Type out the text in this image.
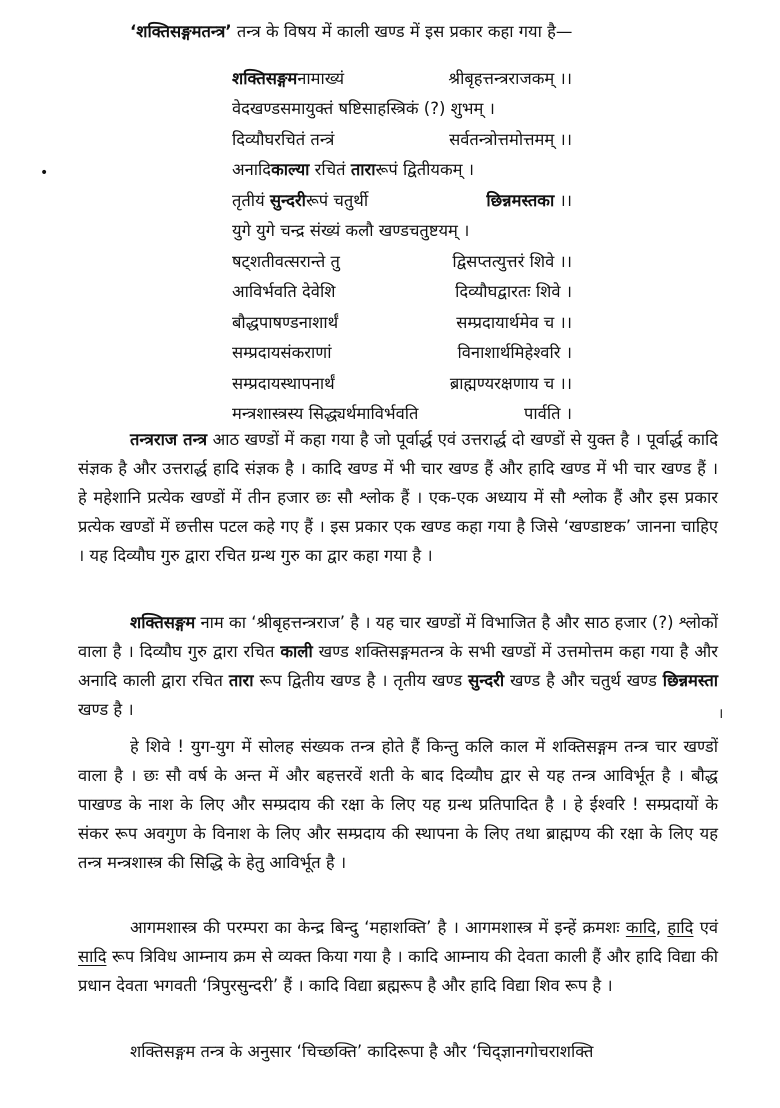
‘शक्तिसङ्गमतन्त्र’ तन्त्र के विषय में काली खण्ड में इस प्रकार कहा गया है—
शक्तिसङ्गमनामाख्यं	श्रीबृहत्तन्त्रराजकम् ।।
वेदखण्डसमायुक्तं षष्टिसाहस्त्रिकं (?) शुभम् ।
दिव्यौघरचितं तन्त्रं	सर्वतन्त्रोत्तमोत्तमम् ।।
अनादिकाल्या रचितं तारारूपं द्वितीयकम् ।
तृतीयं सुन्दरीरूपं चतुर्थी	छिन्नमस्तका ।।
युगे युगे चन्द्र संख्यं कलौ खण्डचतुष्टयम् ।
षट्शतीवत्सरान्ते तु	द्विसप्तत्युत्तरं शिवे ।।
आविर्भवति देवेशि	दिव्यौघद्वारतः शिवे ।
बौद्धपाषण्डनाशार्थं	सम्प्रदायार्थमेव च ।।
सम्प्रदायसंकराणां	विनाशार्थमिहेश्वरि ।
सम्प्रदायस्थापनार्थं	ब्राह्मण्यरक्षणाय च ।।
मन्त्रशास्त्रस्य सिद्ध्यर्थमाविर्भवति	पार्वति ।

तन्त्रराज तन्त्र आठ खण्डों में कहा गया है जो पूर्वार्द्ध एवं उत्तरार्द्ध दो खण्डों से युक्त है । पूर्वार्द्ध कादि संज्ञक है और उत्तरार्द्ध हादि संज्ञक है । कादि खण्ड में भी चार खण्ड हैं और हादि खण्ड में भी चार खण्ड हैं । हे महेशानि प्रत्येक खण्डों में तीन हजार छः सौ श्लोक हैं । एक-एक अध्याय में सौ श्लोक हैं और इस प्रकार प्रत्येक खण्डों में छत्तीस पटल कहे गए हैं । इस प्रकार एक खण्ड कहा गया है जिसे ‘खण्डाष्टक’ जानना चाहिए । यह दिव्यौघ गुरु द्वारा रचित ग्रन्थ गुरु का द्वार कहा गया है ।

शक्तिसङ्गम नाम का ‘श्रीबृहत्तन्त्रराज’ है । यह चार खण्डों में विभाजित है और साठ हजार (?) श्लोकों वाला है । दिव्यौघ गुरु द्वारा रचित काली खण्ड शक्तिसङ्गमतन्त्र के सभी खण्डों में उत्तमोत्तम कहा गया है और अनादि काली द्वारा रचित तारा रूप द्वितीय खण्ड है । तृतीय खण्ड सुन्दरी खण्ड है और चतुर्थ खण्ड छिन्नमस्ता खण्ड है ।

हे शिवे ! युग-युग में सोलह संख्यक तन्त्र होते हैं किन्तु कलि काल में शक्तिसङ्गम तन्त्र चार खण्डों वाला है । छः सौ वर्ष के अन्त में और बहत्तरवें शती के बाद दिव्यौघ द्वार से यह तन्त्र आविर्भूत है । बौद्ध पाखण्ड के नाश के लिए और सम्प्रदाय की रक्षा के लिए यह ग्रन्थ प्रतिपादित है । हे ईश्वरि ! सम्प्रदायों के संकर रूप अवगुण के विनाश के लिए और सम्प्रदाय की स्थापना के लिए तथा ब्राह्मण्य की रक्षा के लिए यह तन्त्र मन्त्रशास्त्र की सिद्धि के हेतु आविर्भूत है ।

आगमशास्त्र की परम्परा का केन्द्र बिन्दु ‘महाशक्ति’ है । आगमशास्त्र में इन्हें क्रमशः कादि, हादि एवं सादि रूप त्रिविध आम्नाय क्रम से व्यक्त किया गया है । कादि आम्नाय की देवता काली हैं और हादि विद्या की प्रधान देवता भगवती ‘त्रिपुरसुन्दरी’ हैं । कादि विद्या ब्रह्मरूप है और हादि विद्या शिव रूप है ।

शक्तिसङ्गम तन्त्र के अनुसार ‘चिच्छक्ति’ कादिरूपा है और ‘चिद्ज्ञानगोचराशक्ति

•
।
